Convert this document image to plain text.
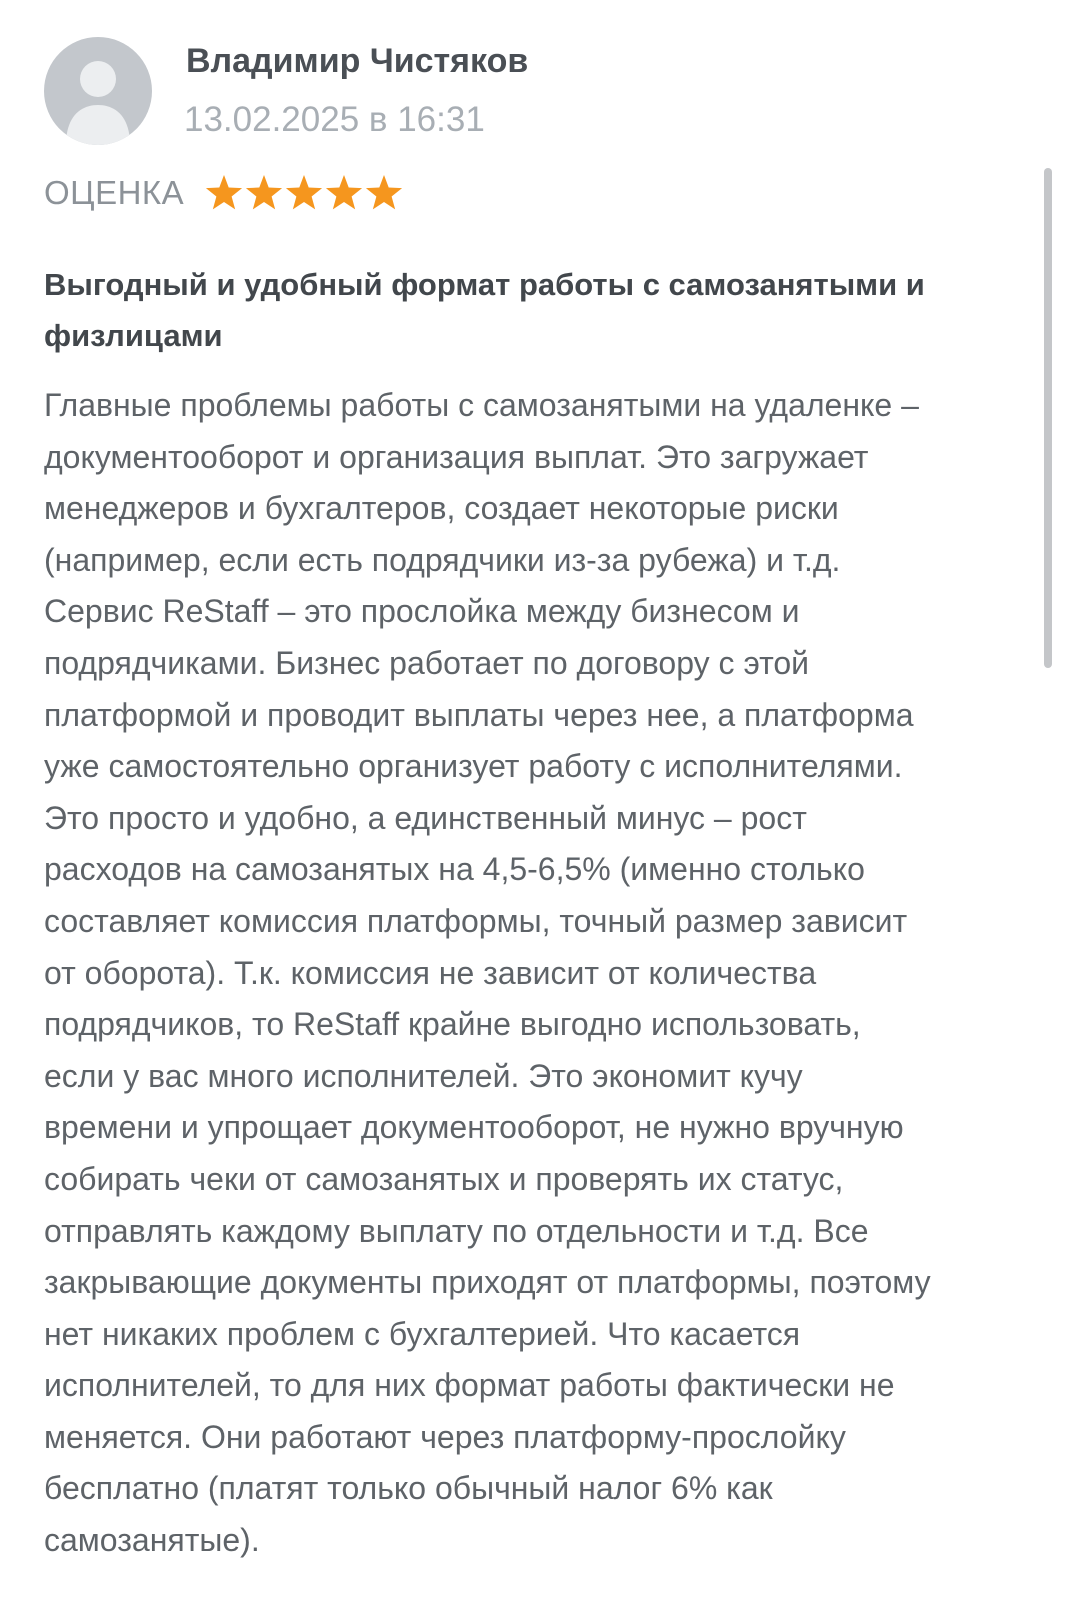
Владимир Чистяков
13.02.2025 в 16:31
ОЦЕНКА
Выгодный и удобный формат работы с самозанятыми и физлицами
Главные проблемы работы с самозанятыми на удаленке –
документооборот и организация выплат. Это загружает
менеджеров и бухгалтеров, создает некоторые риски
(например, если есть подрядчики из-за рубежа) и т.д.
Сервис ReStaff – это прослойка между бизнесом и
подрядчиками. Бизнес работает по договору с этой
платформой и проводит выплаты через нее, а платформа
уже самостоятельно организует работу с исполнителями.
Это просто и удобно, а единственный минус – рост
расходов на самозанятых на 4,5-6,5% (именно столько
составляет комиссия платформы, точный размер зависит
от оборота). Т.к. комиссия не зависит от количества
подрядчиков, то ReStaff крайне выгодно использовать,
если у вас много исполнителей. Это экономит кучу
времени и упрощает документооборот, не нужно вручную
собирать чеки от самозанятых и проверять их статус,
отправлять каждому выплату по отдельности и т.д. Все
закрывающие документы приходят от платформы, поэтому
нет никаких проблем с бухгалтерией. Что касается
исполнителей, то для них формат работы фактически не
меняется. Они работают через платформу-прослойку
бесплатно (платят только обычный налог 6% как
самозанятые).
